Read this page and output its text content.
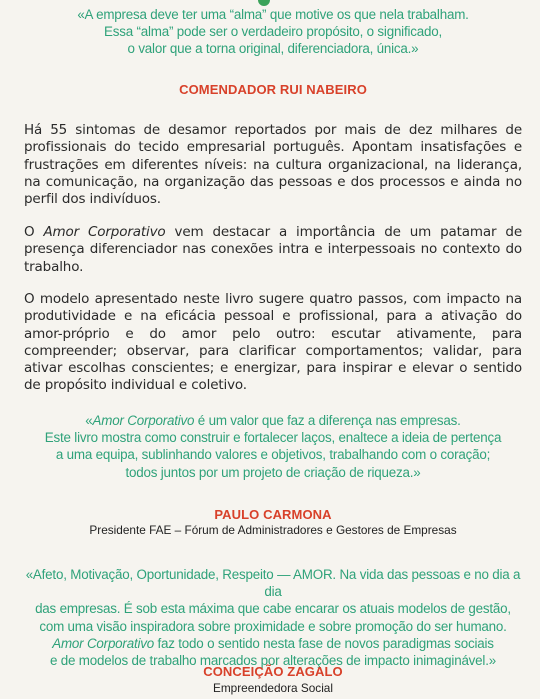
«A empresa deve ter uma “alma” que motive os que nela trabalham.

Essa “alma” pode ser o verdadeiro propósito, o significado,

o valor que a torna original, diferenciadora, única.»

COMENDADOR RUI NABEIRO

Há 55 sintomas de desamor reportados por mais de dez milhares de profissionais do tecido empresarial português. Apontam insatisfações e frustrações em diferentes níveis: na cultura organizacional, na liderança, na comunicação, na organização das pessoas e dos processos e ainda no perfil dos indivíduos.

O Amor Corporativo vem destacar a importância de um patamar de presença diferenciador nas conexões intra e interpessoais no contexto do trabalho.

O modelo apresentado neste livro sugere quatro passos, com impacto na produtividade e na eficácia pessoal e profissional, para a ativação do amor-próprio e do amor pelo outro: escutar ativamente, para compreender; observar, para clarificar comportamentos; validar, para ativar escolhas conscientes; e energizar, para inspirar e elevar o sentido de propósito individual e coletivo.

«Amor Corporativo é um valor que faz a diferença nas empresas.

Este livro mostra como construir e fortalecer laços, enaltece a ideia de pertença

a uma equipa, sublinhando valores e objetivos, trabalhando com o coração;

todos juntos por um projeto de criação de riqueza.»

PAULO CARMONA

Presidente FAE – Fórum de Administradores e Gestores de Empresas

«Afeto, Motivação, Oportunidade, Respeito — AMOR. Na vida das pessoas e no dia a dia

das empresas. É sob esta máxima que cabe encarar os atuais modelos de gestão,

com uma visão inspiradora sobre proximidade e sobre promoção do ser humano.

Amor Corporativo faz todo o sentido nesta fase de novos paradigmas sociais

e de modelos de trabalho marcados por alterações de impacto inimaginável.»

CONCEIÇÃO ZAGALO

Empreendedora Social
